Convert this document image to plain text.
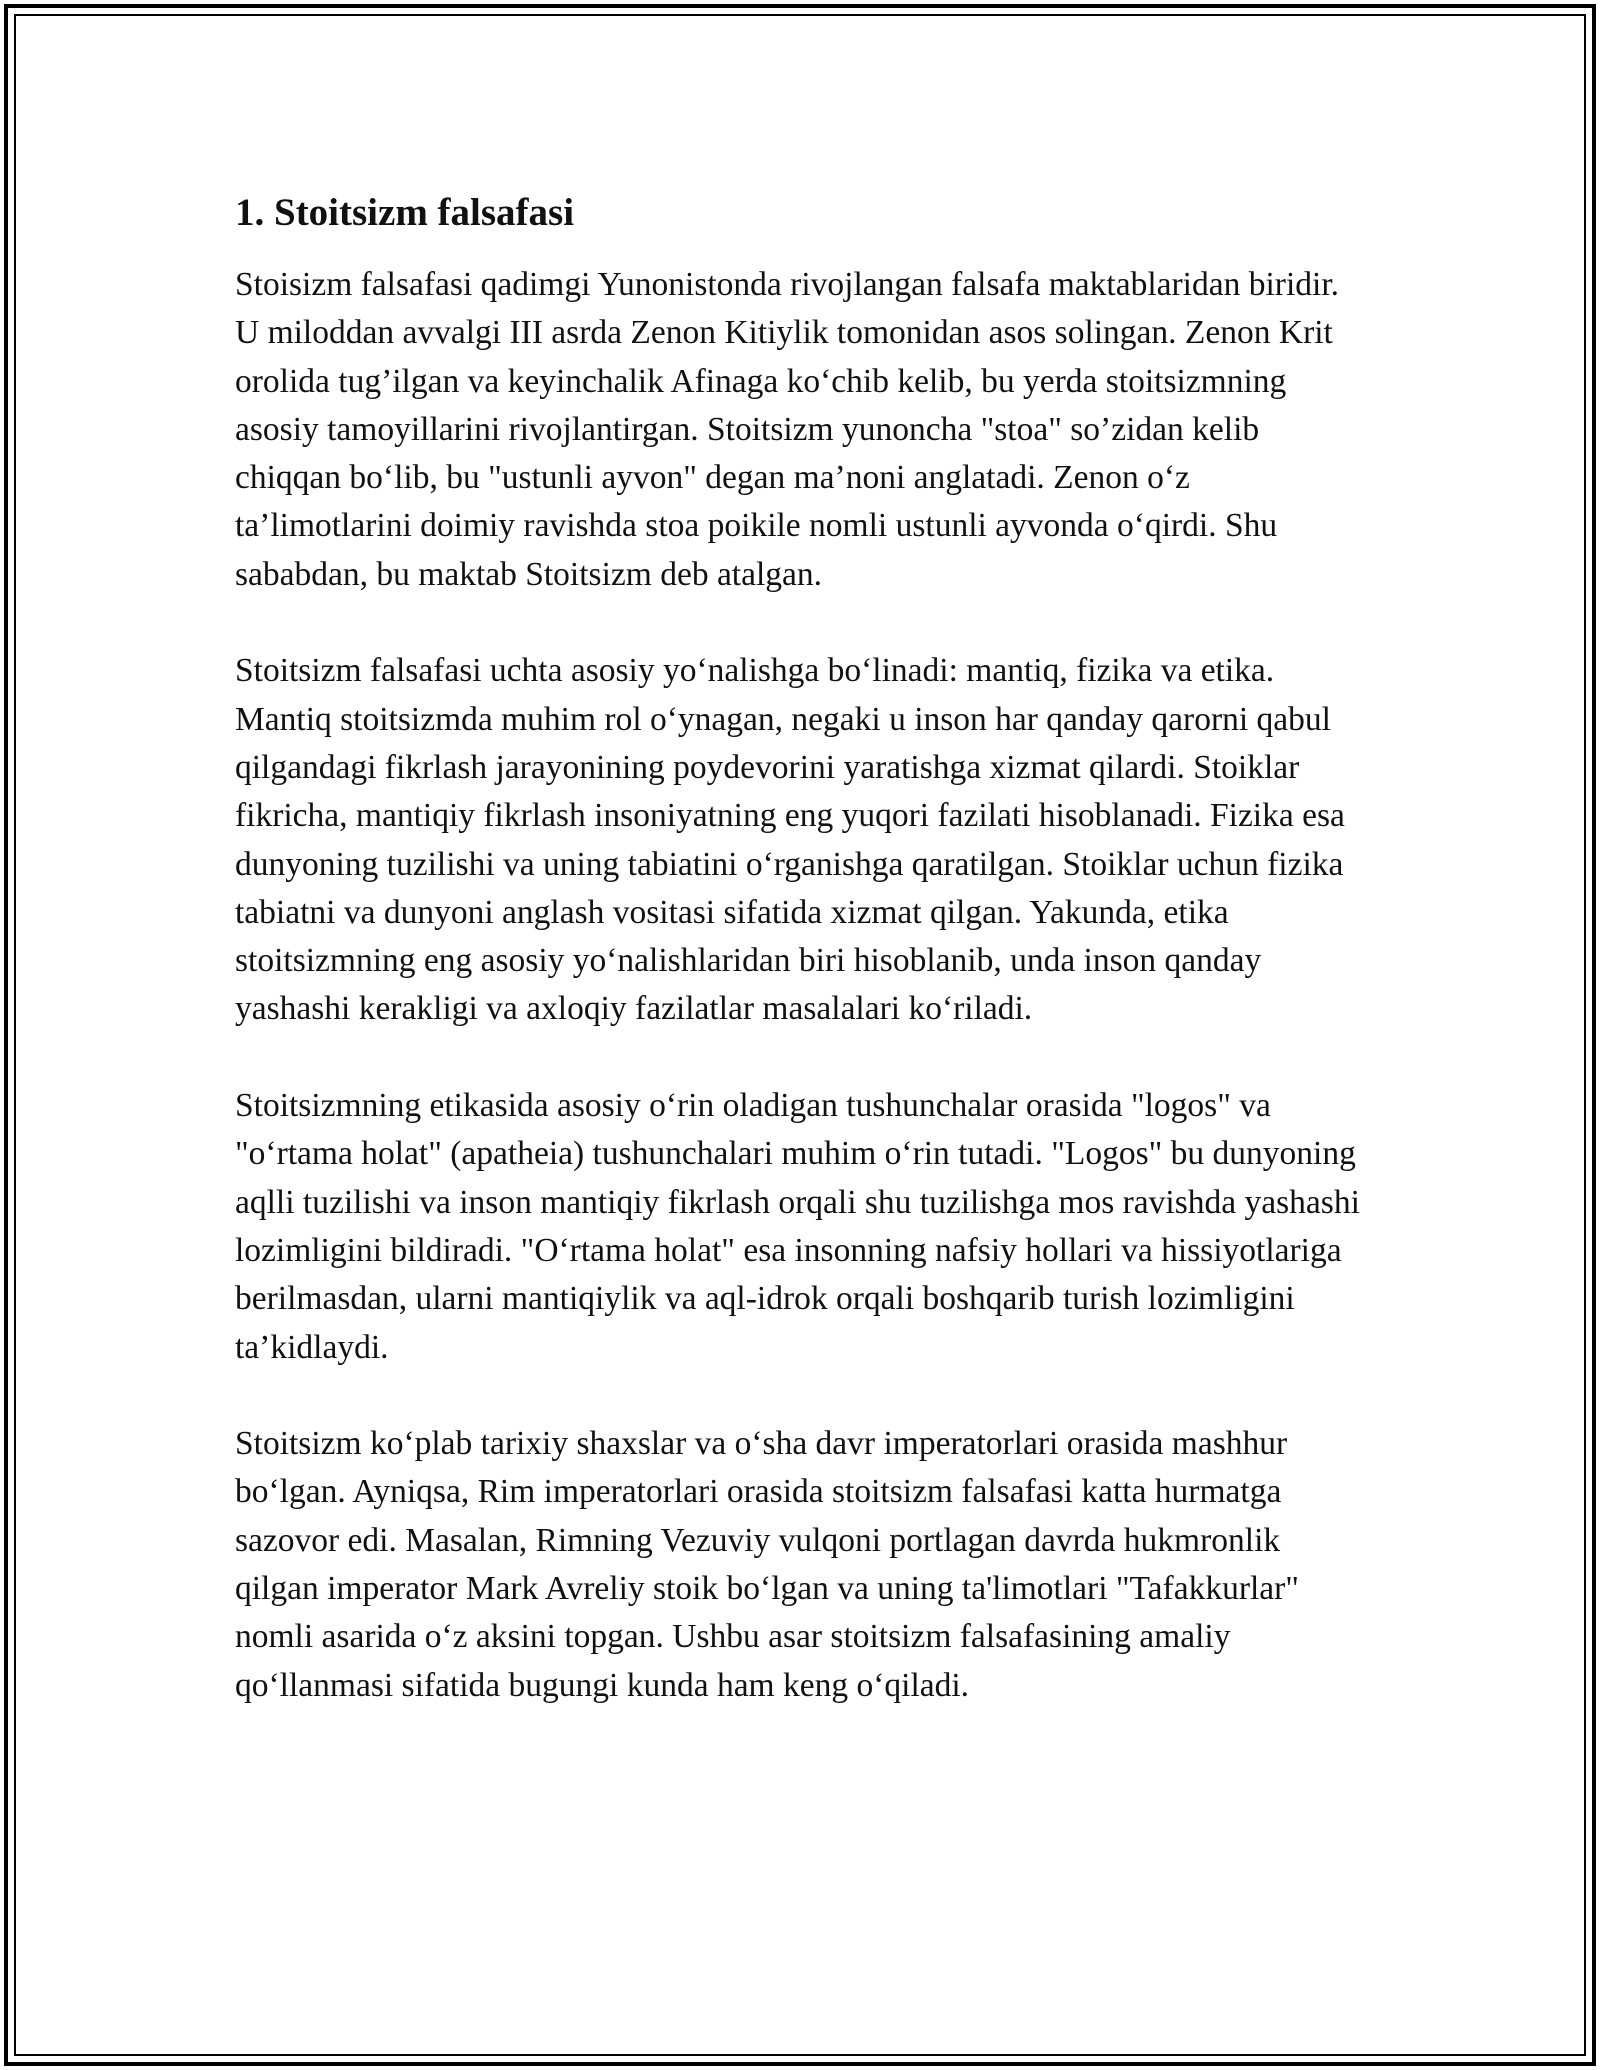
1. Stoitsizm falsafasi

Stoisizm falsafasi qadimgi Yunonistonda rivojlangan falsafa maktablaridan biridir. U miloddan avvalgi III asrda Zenon Kitiylik tomonidan asos solingan. Zenon Krit orolida tug’ilgan va keyinchalik Afinaga ko‘chib kelib, bu yerda stoitsizmning asosiy tamoyillarini rivojlantirgan. Stoitsizm yunoncha "stoa" so’zidan kelib chiqqan bo‘lib, bu "ustunli ayvon" degan ma’noni anglatadi. Zenon o‘z ta’limotlarini doimiy ravishda stoa poikile nomli ustunli ayvonda o‘qirdi. Shu sababdan, bu maktab Stoitsizm deb atalgan.

Stoitsizm falsafasi uchta asosiy yo‘nalishga bo‘linadi: mantiq, fizika va etika. Mantiq stoitsizmda muhim rol o‘ynagan, negaki u inson har qanday qarorni qabul qilgandagi fikrlash jarayonining poydevorini yaratishga xizmat qilardi. Stoiklar fikricha, mantiqiy fikrlash insoniyatning eng yuqori fazilati hisoblanadi. Fizika esa dunyoning tuzilishi va uning tabiatini o‘rganishga qaratilgan. Stoiklar uchun fizika tabiatni va dunyoni anglash vositasi sifatida xizmat qilgan. Yakunda, etika stoitsizmning eng asosiy yo‘nalishlaridan biri hisoblanib, unda inson qanday yashashi kerakligi va axloqiy fazilatlar masalalari ko‘riladi.

Stoitsizmning etikasida asosiy o‘rin oladigan tushunchalar orasida "logos" va "o‘rtama holat" (apatheia) tushunchalari muhim o‘rin tutadi. "Logos" bu dunyoning aqlli tuzilishi va inson mantiqiy fikrlash orqali shu tuzilishga mos ravishda yashashi lozimligini bildiradi. "O‘rtama holat" esa insonning nafsiy hollari va hissiyotlariga berilmasdan, ularni mantiqiylik va aql-idrok orqali boshqarib turish lozimligini ta’kidlaydi.

Stoitsizm ko‘plab tarixiy shaxslar va o‘sha davr imperatorlari orasida mashhur bo‘lgan. Ayniqsa, Rim imperatorlari orasida stoitsizm falsafasi katta hurmatga sazovor edi. Masalan, Rimning Vezuviy vulqoni portlagan davrda hukmronlik qilgan imperator Mark Avreliy stoik bo‘lgan va uning ta'limotlari "Tafakkurlar" nomli asarida o‘z aksini topgan. Ushbu asar stoitsizm falsafasining amaliy qo‘llanmasi sifatida bugungi kunda ham keng o‘qiladi.
